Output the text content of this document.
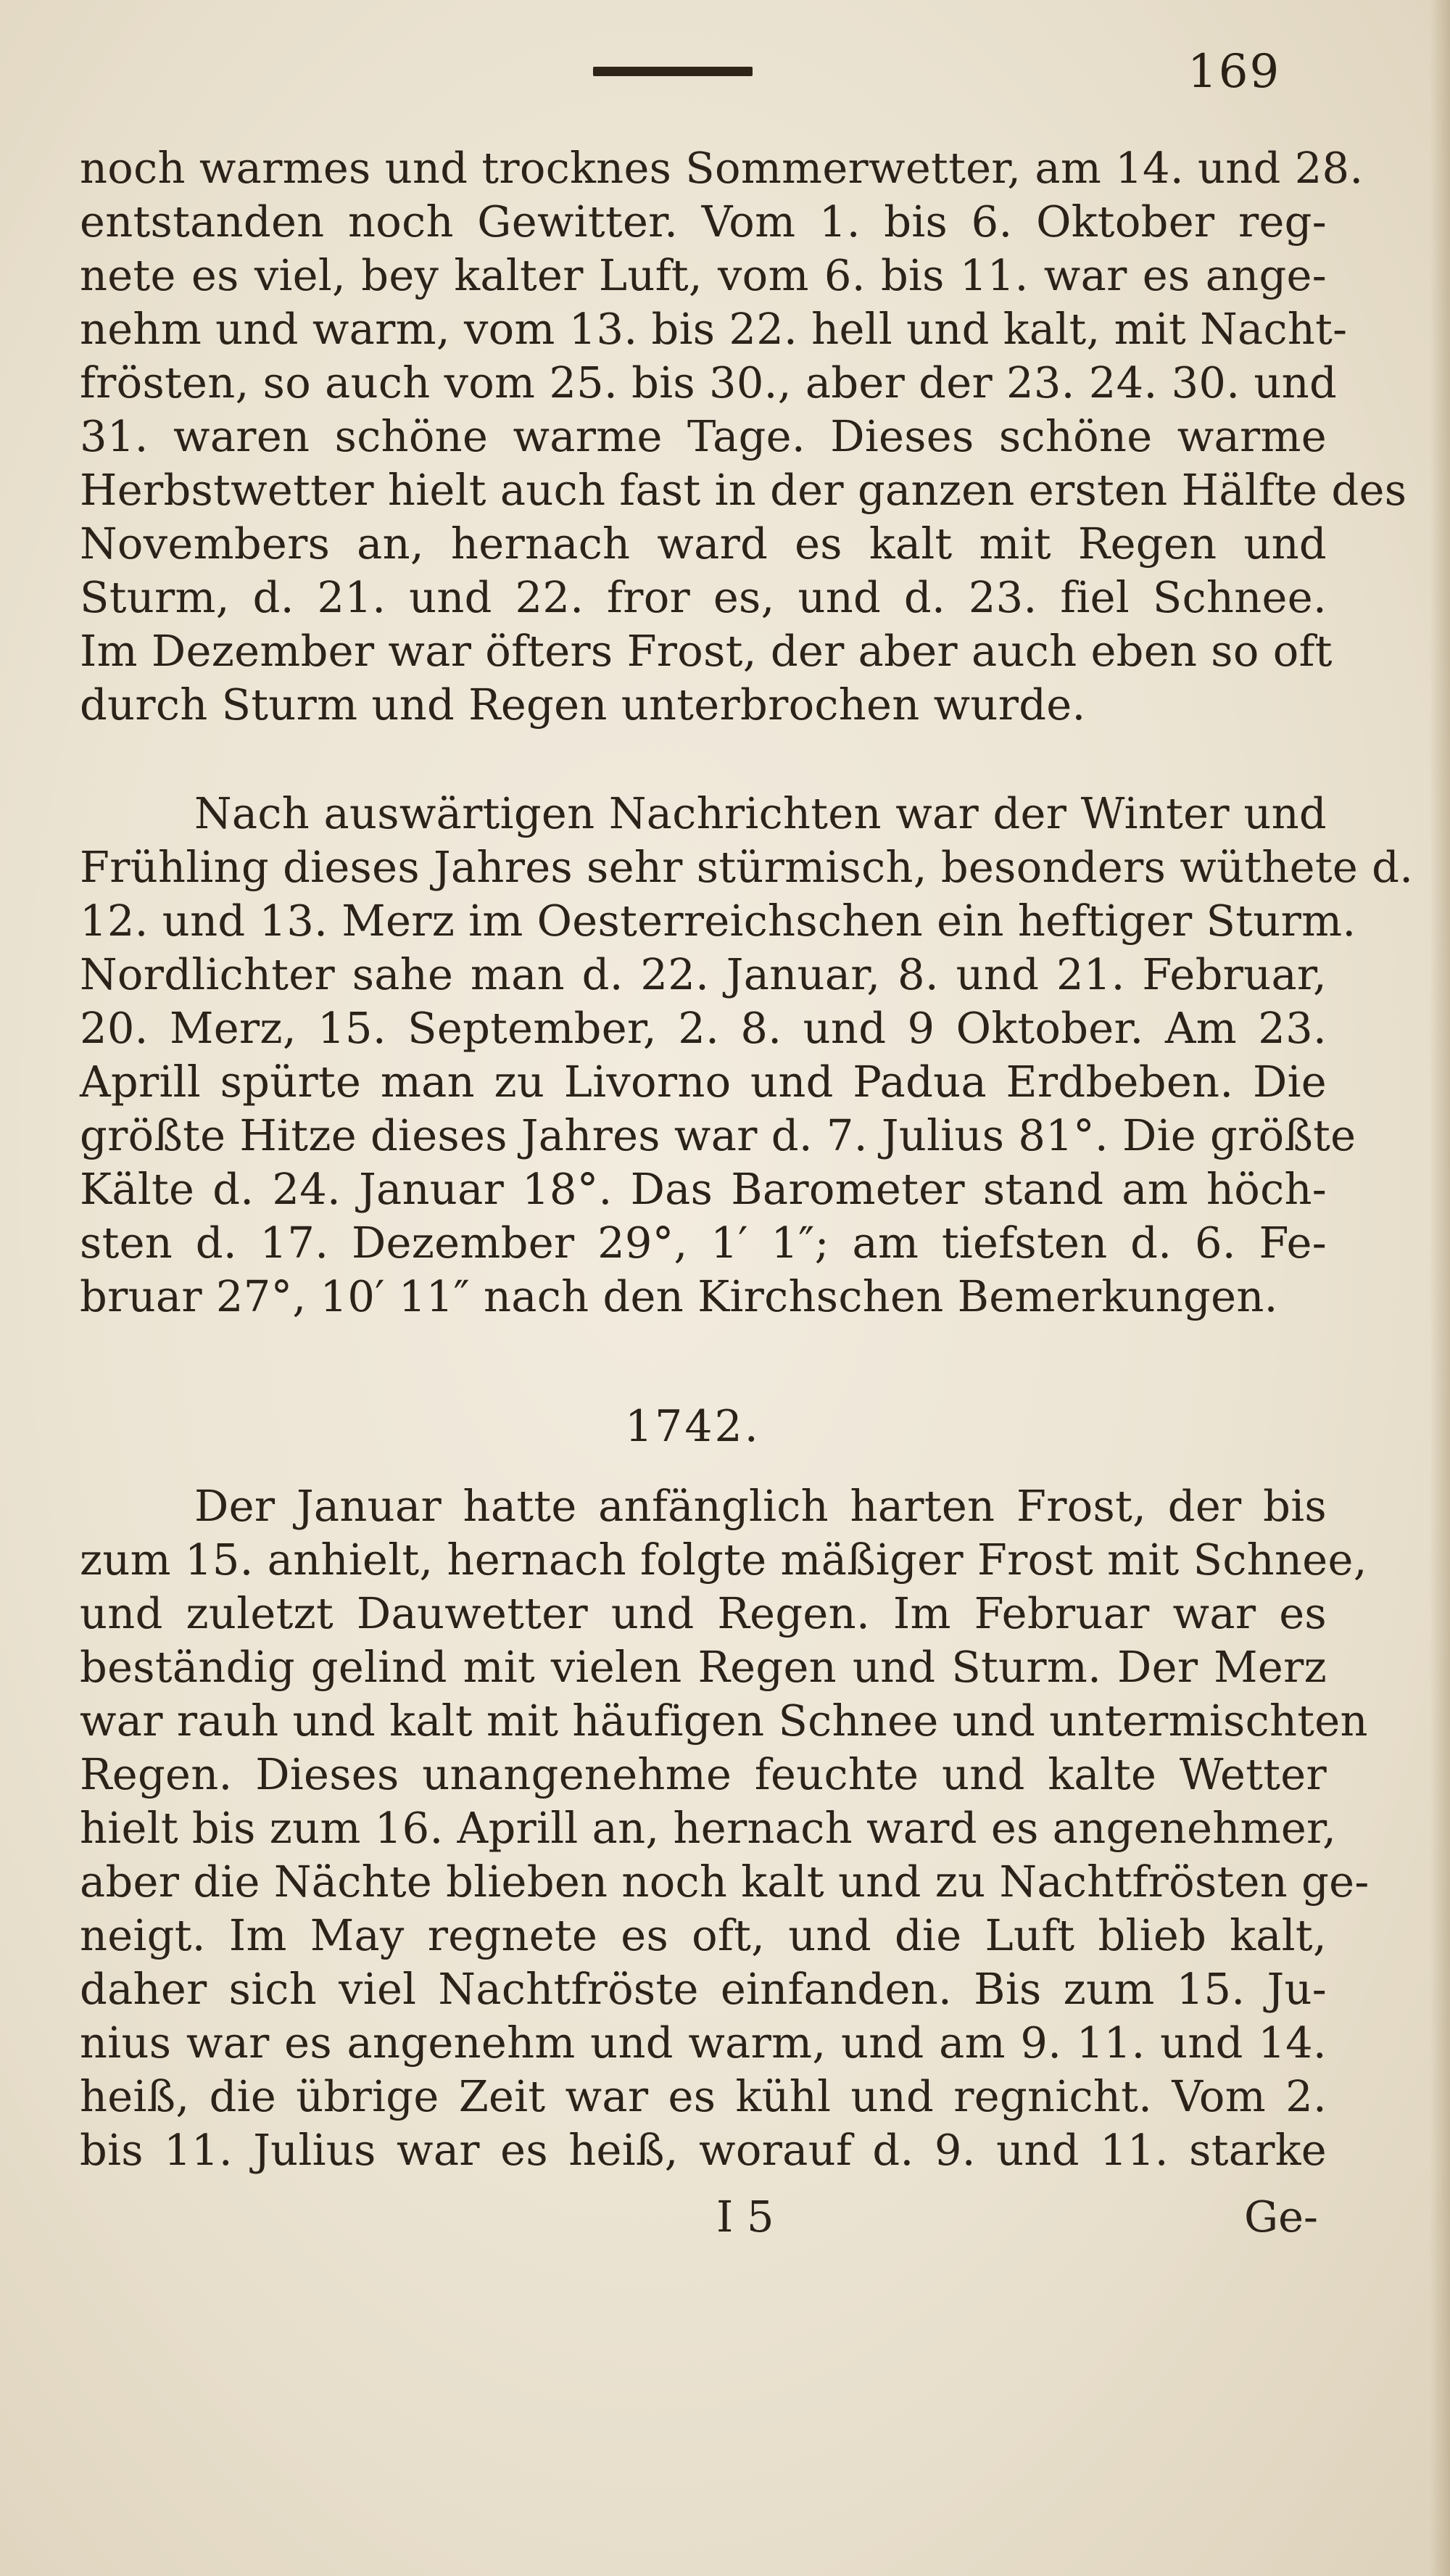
169
noch warmes und trocknes Sommerwetter, am 14. und 28.
entstanden noch Gewitter. Vom 1. bis 6. Oktober reg-
nete es viel, bey kalter Luft, vom 6. bis 11. war es ange-
nehm und warm, vom 13. bis 22. hell und kalt, mit Nacht-
frösten, so auch vom 25. bis 30., aber der 23. 24. 30. und
31. waren schöne warme Tage. Dieses schöne warme
Herbstwetter hielt auch fast in der ganzen ersten Hälfte des
Novembers an, hernach ward es kalt mit Regen und
Sturm, d. 21. und 22. fror es, und d. 23. fiel Schnee.
Im Dezember war öfters Frost, der aber auch eben so oft
durch Sturm und Regen unterbrochen wurde.
Nach auswärtigen Nachrichten war der Winter und
Frühling dieses Jahres sehr stürmisch, besonders wüthete d.
12. und 13. Merz im Oesterreichschen ein heftiger Sturm.
Nordlichter sahe man d. 22. Januar, 8. und 21. Februar,
20. Merz, 15. September, 2. 8. und 9 Oktober. Am 23.
Aprill spürte man zu Livorno und Padua Erdbeben. Die
größte Hitze dieses Jahres war d. 7. Julius 81°. Die größte
Kälte d. 24. Januar 18°. Das Barometer stand am höch-
sten d. 17. Dezember 29°, 1′ 1″; am tiefsten d. 6. Fe-
bruar 27°, 10′ 11″ nach den Kirchschen Bemerkungen.
1742.
Der Januar hatte anfänglich harten Frost, der bis
zum 15. anhielt, hernach folgte mäßiger Frost mit Schnee,
und zuletzt Dauwetter und Regen. Im Februar war es
beständig gelind mit vielen Regen und Sturm. Der Merz
war rauh und kalt mit häufigen Schnee und untermischten
Regen. Dieses unangenehme feuchte und kalte Wetter
hielt bis zum 16. Aprill an, hernach ward es angenehmer,
aber die Nächte blieben noch kalt und zu Nachtfrösten ge-
neigt. Im May regnete es oft, und die Luft blieb kalt,
daher sich viel Nachtfröste einfanden. Bis zum 15. Ju-
nius war es angenehm und warm, und am 9. 11. und 14.
heiß, die übrige Zeit war es kühl und regnicht. Vom 2.
bis 11. Julius war es heiß, worauf d. 9. und 11. starke
I 5	Ge-
